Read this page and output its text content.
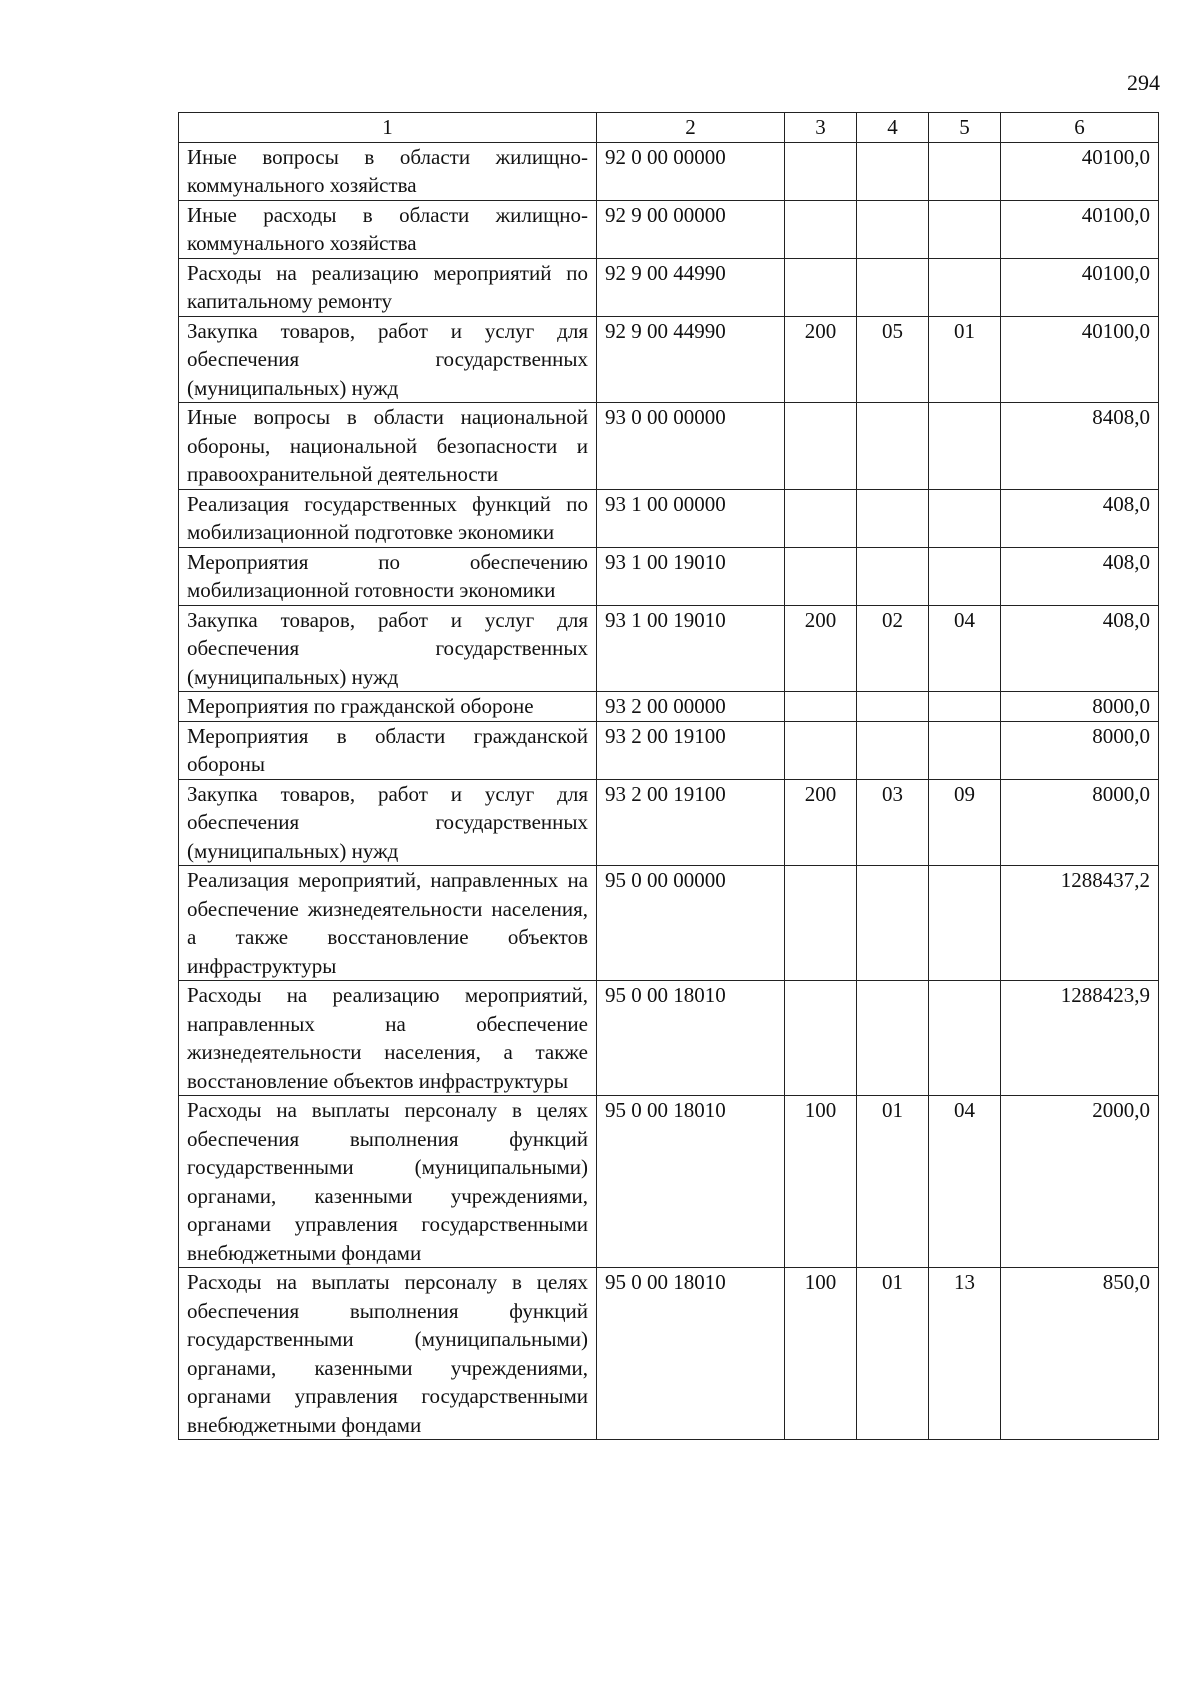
294
1	2	3	4	5	6
Иные вопросы в области жилищно-коммунального хозяйства	92 0 00 00000				40100,0
Иные расходы в области жилищно-коммунального хозяйства	92 9 00 00000				40100,0
Расходы на реализацию мероприятий по капитальному ремонту	92 9 00 44990				40100,0
Закупка товаров, работ и услуг для обеспечения государственных (муниципальных) нужд	92 9 00 44990	200	05	01	40100,0
Иные вопросы в области национальной обороны, национальной безопасности и правоохранительной деятельности	93 0 00 00000				8408,0
Реализация государственных функций по мобилизационной подготовке экономики	93 1 00 00000				408,0
Мероприятия по обеспечению мобилизационной готовности экономики	93 1 00 19010				408,0
Закупка товаров, работ и услуг для обеспечения государственных (муниципальных) нужд	93 1 00 19010	200	02	04	408,0
Мероприятия по гражданской обороне	93 2 00 00000				8000,0
Мероприятия в области гражданской обороны	93 2 00 19100				8000,0
Закупка товаров, работ и услуг для обеспечения государственных (муниципальных) нужд	93 2 00 19100	200	03	09	8000,0
Реализация мероприятий, направленных на обеспечение жизнедеятельности населения, а также восстановление объектов инфраструктуры	95 0 00 00000				1288437,2
Расходы на реализацию мероприятий, направленных на обеспечение жизнедеятельности населения, а также восстановление объектов инфраструктуры	95 0 00 18010				1288423,9
Расходы на выплаты персоналу в целях обеспечения выполнения функций государственными (муниципальными) органами, казенными учреждениями, органами управления государственными внебюджетными фондами	95 0 00 18010	100	01	04	2000,0
Расходы на выплаты персоналу в целях обеспечения выполнения функций государственными (муниципальными) органами, казенными учреждениями, органами управления государственными внебюджетными фондами	95 0 00 18010	100	01	13	850,0
